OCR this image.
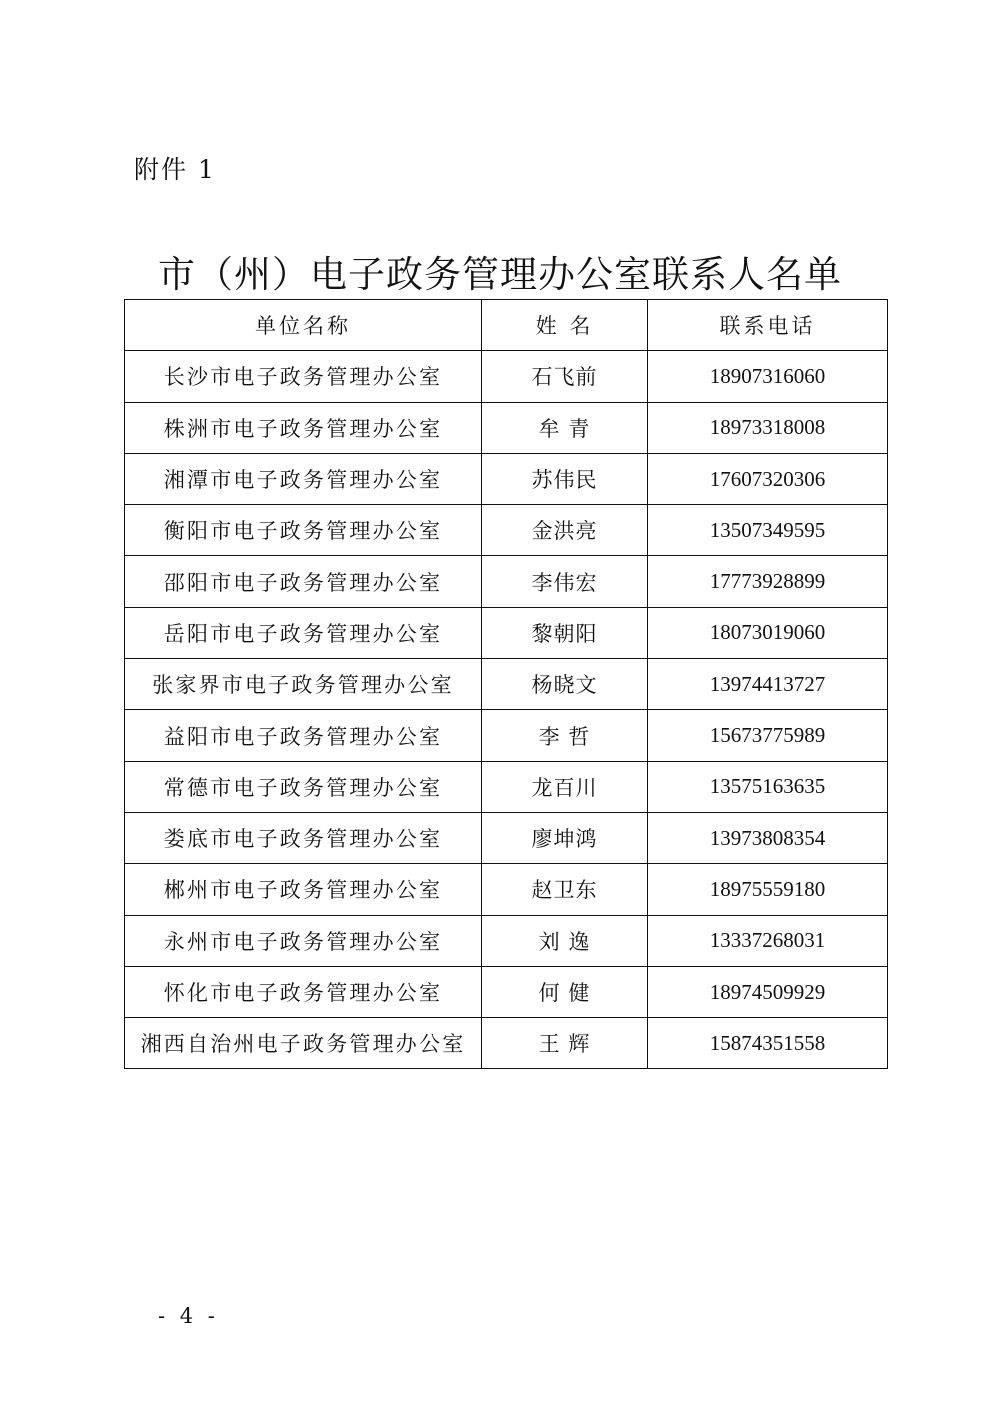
附件 1
市（州）电子政务管理办公室联系人名单
单位名称	姓 名	联系电话
长沙市电子政务管理办公室	石飞前	18907316060
株洲市电子政务管理办公室	牟 青	18973318008
湘潭市电子政务管理办公室	苏伟民	17607320306
衡阳市电子政务管理办公室	金洪亮	13507349595
邵阳市电子政务管理办公室	李伟宏	17773928899
岳阳市电子政务管理办公室	黎朝阳	18073019060
张家界市电子政务管理办公室	杨晓文	13974413727
益阳市电子政务管理办公室	李 哲	15673775989
常德市电子政务管理办公室	龙百川	13575163635
娄底市电子政务管理办公室	廖坤鸿	13973808354
郴州市电子政务管理办公室	赵卫东	18975559180
永州市电子政务管理办公室	刘 逸	13337268031
怀化市电子政务管理办公室	何 健	18974509929
湘西自治州电子政务管理办公室	王 辉	15874351558
- 4 -
